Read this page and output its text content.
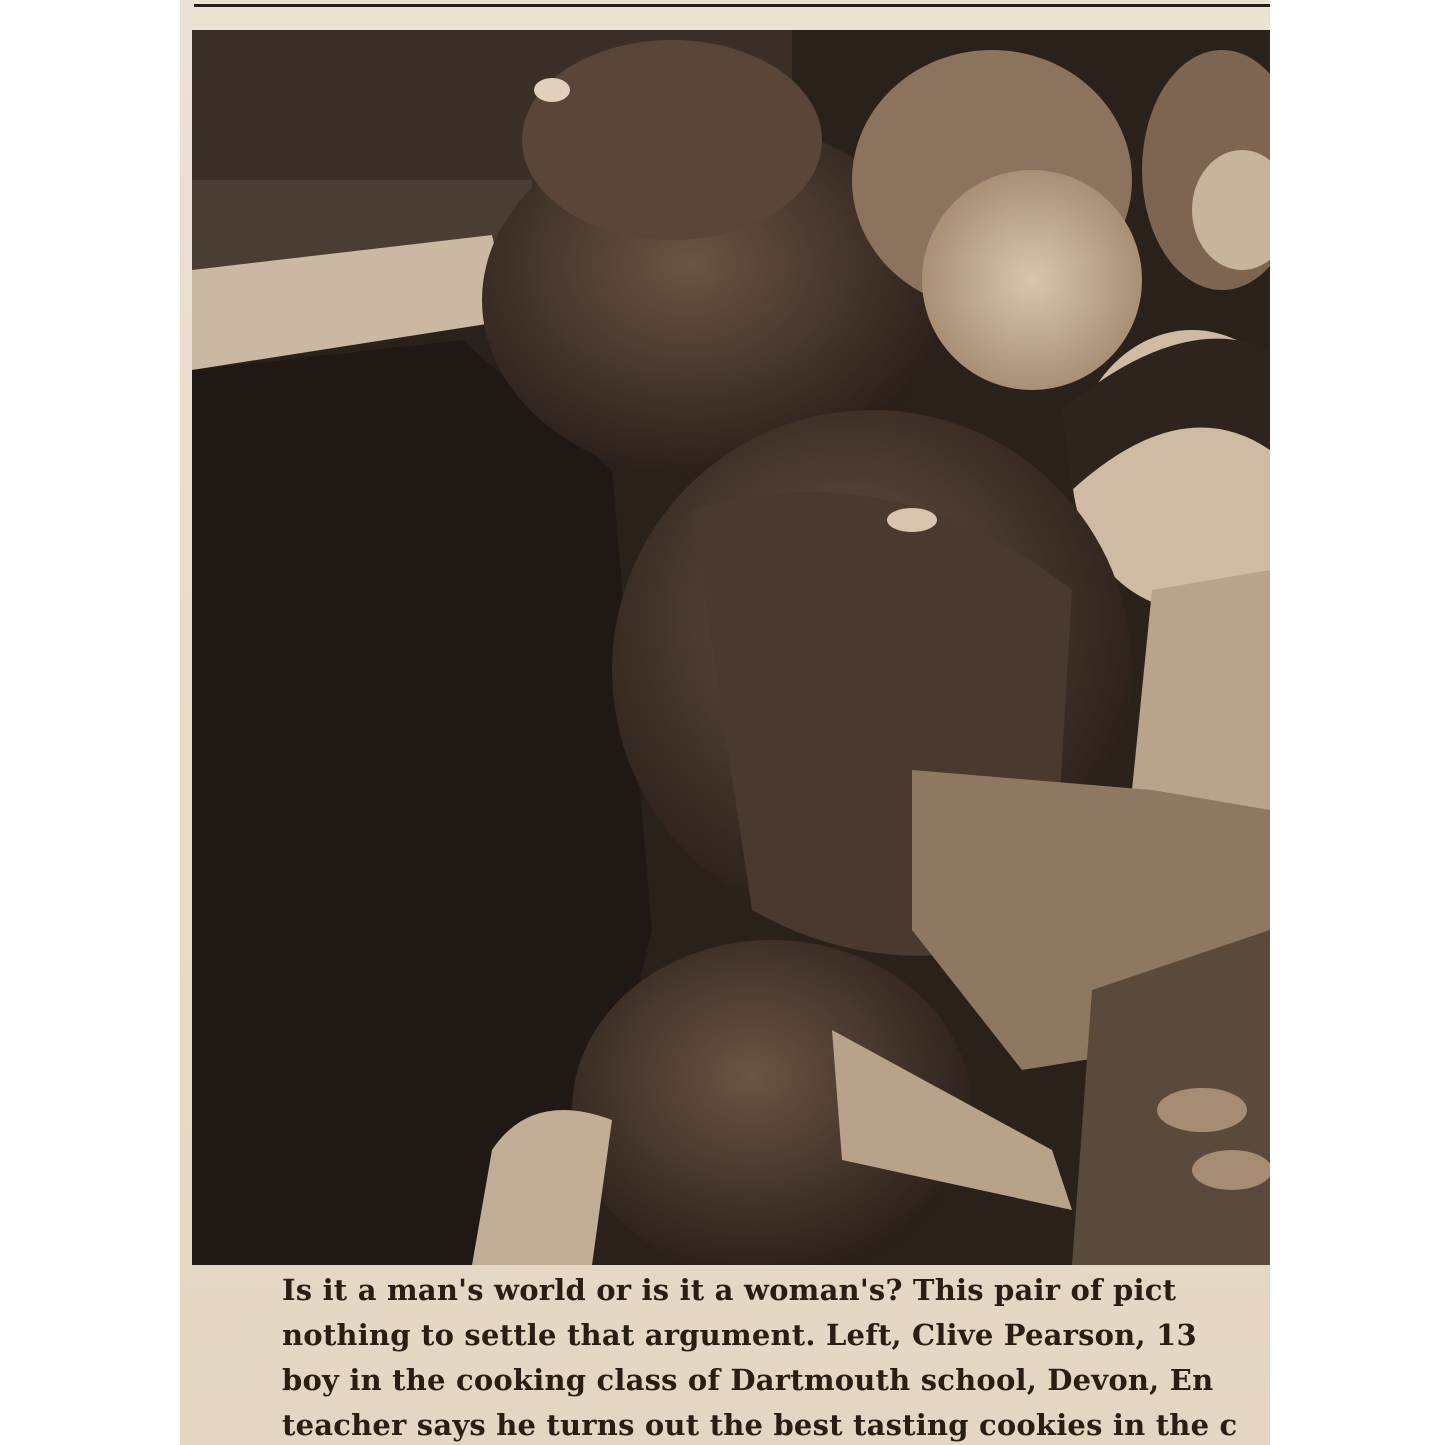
Is it a man's world or is it a woman's? This pair of pict
nothing to settle that argument. Left, Clive Pearson, 13
boy in the cooking class of Dartmouth school, Devon, En
teacher says he turns out the best tasting cookies in the c
